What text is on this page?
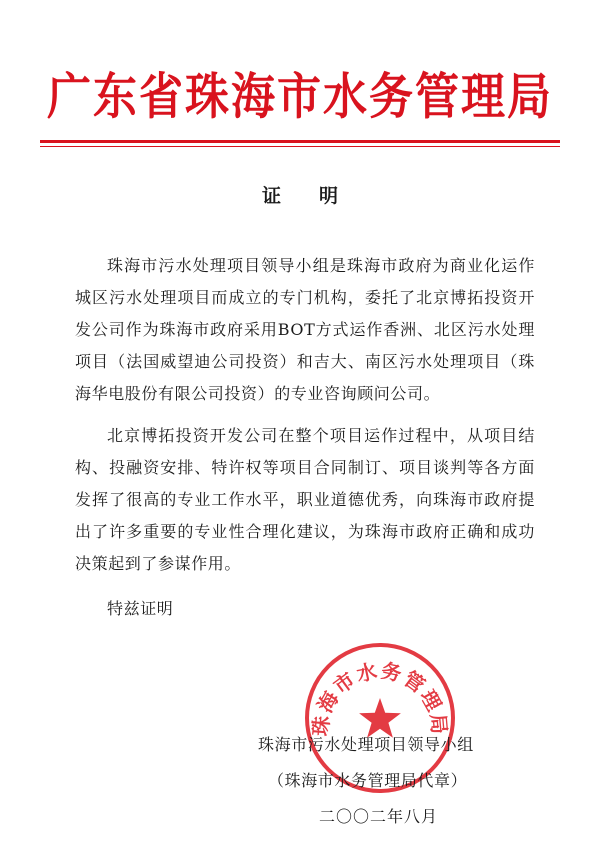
广东省珠海市水务管理局
证明

珠海市污水处理项目领导小组是珠海市政府为商业化运作城区污水处理项目而成立的专门机构，委托了北京博拓投资开发公司作为珠海市政府采用BOT方式运作香洲、北区污水处理项目（法国威望迪公司投资）和吉大、南区污水处理项目（珠海华电股份有限公司投资）的专业咨询顾问公司。

北京博拓投资开发公司在整个项目运作过程中，从项目结构、投融资安排、特许权等项目合同制订、项目谈判等各方面发挥了很高的专业工作水平，职业道德优秀，向珠海市政府提出了许多重要的专业性合理化建议，为珠海市政府正确和成功决策起到了参谋作用。

特兹证明
珠海市水务管理局
珠海市污水处理项目领导小组
（珠海市水务管理局代章）
二〇〇二年八月
